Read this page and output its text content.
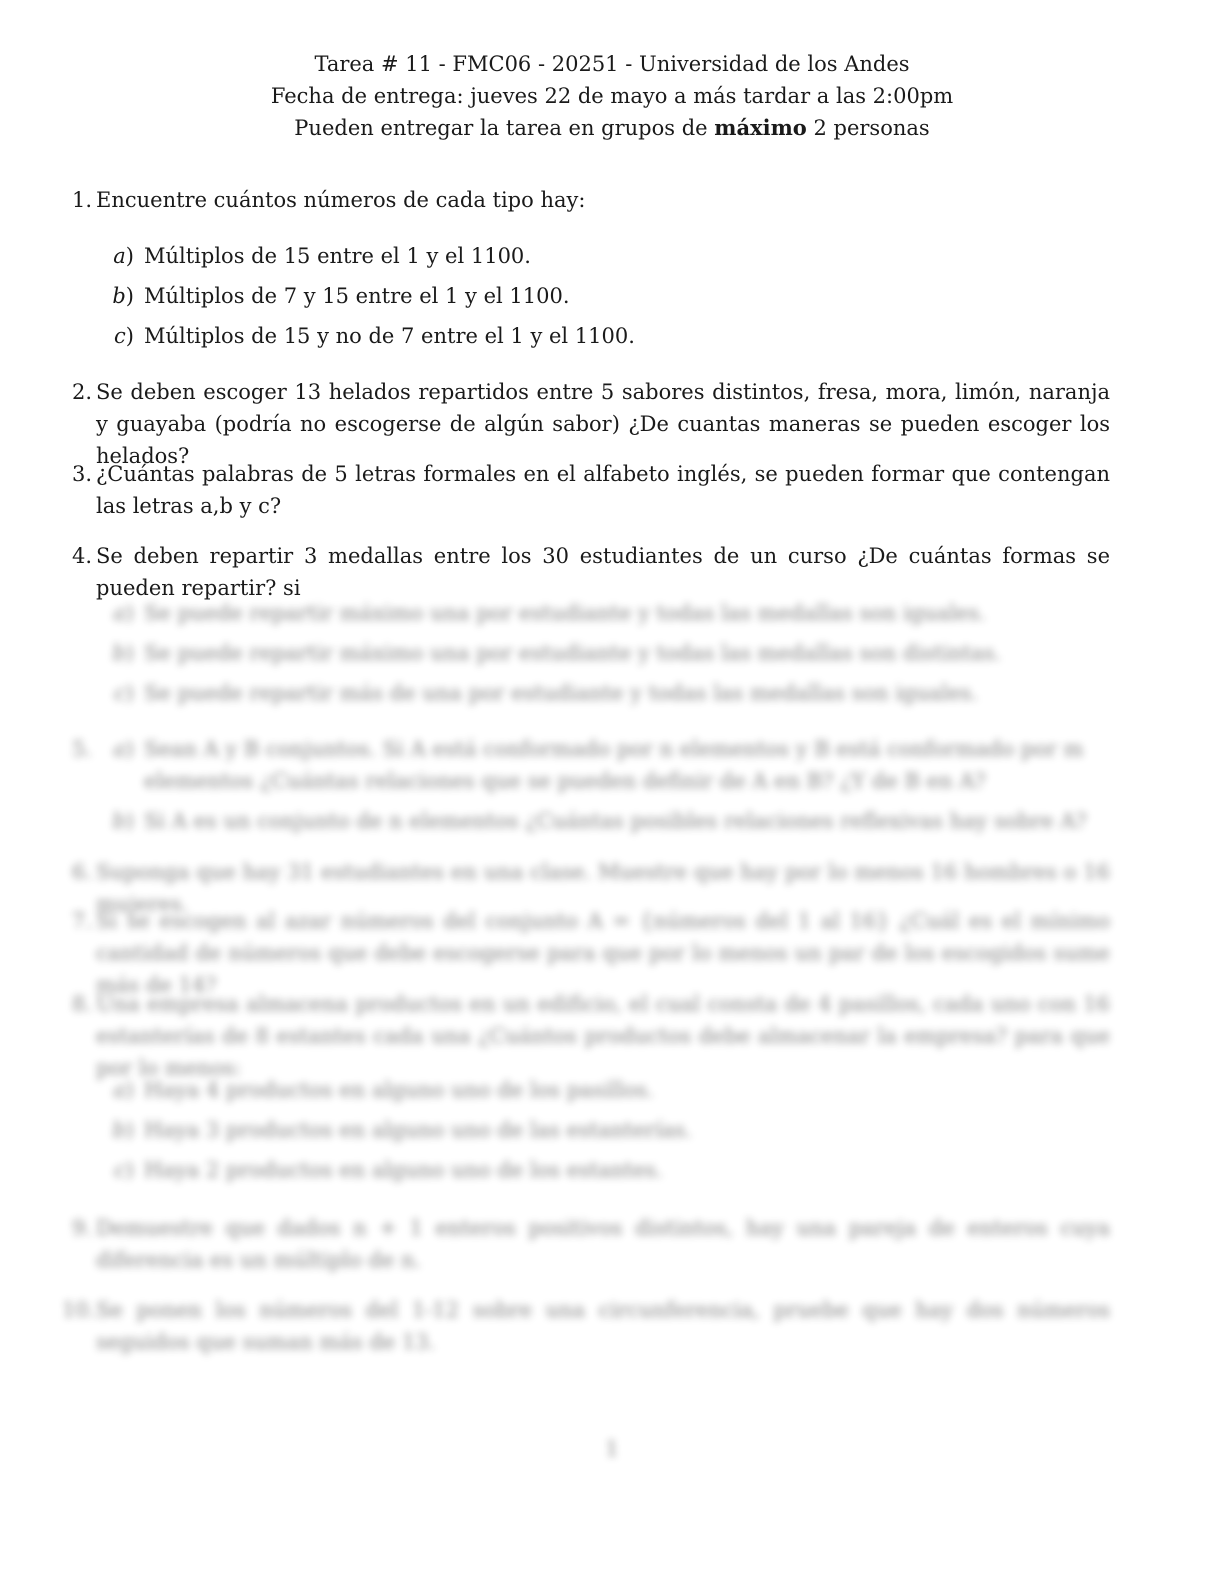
Tarea # 11 - FMC06 - 20251 - Universidad de los Andes
Fecha de entrega: jueves 22 de mayo a más tardar a las 2:00pm
Pueden entregar la tarea en grupos de máximo 2 personas
1. Encuentre cuántos números de cada tipo hay:
a) Múltiplos de 15 entre el 1 y el 1100.
b) Múltiplos de 7 y 15 entre el 1 y el 1100.
c) Múltiplos de 15 y no de 7 entre el 1 y el 1100.
2. Se deben escoger 13 helados repartidos entre 5 sabores distintos, fresa, mora, limón, naranja y guayaba (podría no escogerse de algún sabor) ¿De cuantas maneras se pueden escoger los helados?
3. ¿Cuántas palabras de 5 letras formales en el alfabeto inglés, se pueden formar que contengan las letras a,b y c?
4. Se deben repartir 3 medallas entre los 30 estudiantes de un curso ¿De cuántas formas se pueden repartir? si
a) Se puede repartir máximo una por estudiante y todas las medallas son iguales.
b) Se puede repartir máximo una por estudiante y todas las medallas son distintas.
c) Se puede repartir más de una por estudiante y todas las medallas son iguales.
5. a) Sean A y B conjuntos. Si A está conformado por n elementos y B está conformado por m elementos ¿Cuántas relaciones que se pueden definir de A en B? ¿Y de B en A?
b) Si A es un conjunto de n elementos ¿Cuántas posibles relaciones reflexivas hay sobre A?
6. Suponga que hay 31 estudiantes en una clase. Muestre que hay por lo menos 16 hombres o 16 mujeres.
7. Si se escogen al azar números del conjunto A = {números del 1 al 16} ¿Cuál es el mínimo cantidad de números que debe escogerse para que por lo menos un par de los escogidos sume más de 14?
8. Una empresa almacena productos en un edificio, el cual consta de 4 pasillos, cada uno con 16 estanterías de 8 estantes cada una ¿Cuántos productos debe almacenar la empresa? para que por lo menos:
a) Haya 4 productos en alguno uno de los pasillos.
b) Haya 3 productos en alguno uno de las estanterías.
c) Haya 2 productos en alguno uno de los estantes.
9. Demuestre que dados n + 1 enteros positivos distintos, hay una pareja de enteros cuya diferencia es un múltiplo de n.
10. Se ponen los números del 1-12 sobre una circunferencia, pruebe que hay dos números seguidos que suman más de 13.
1
